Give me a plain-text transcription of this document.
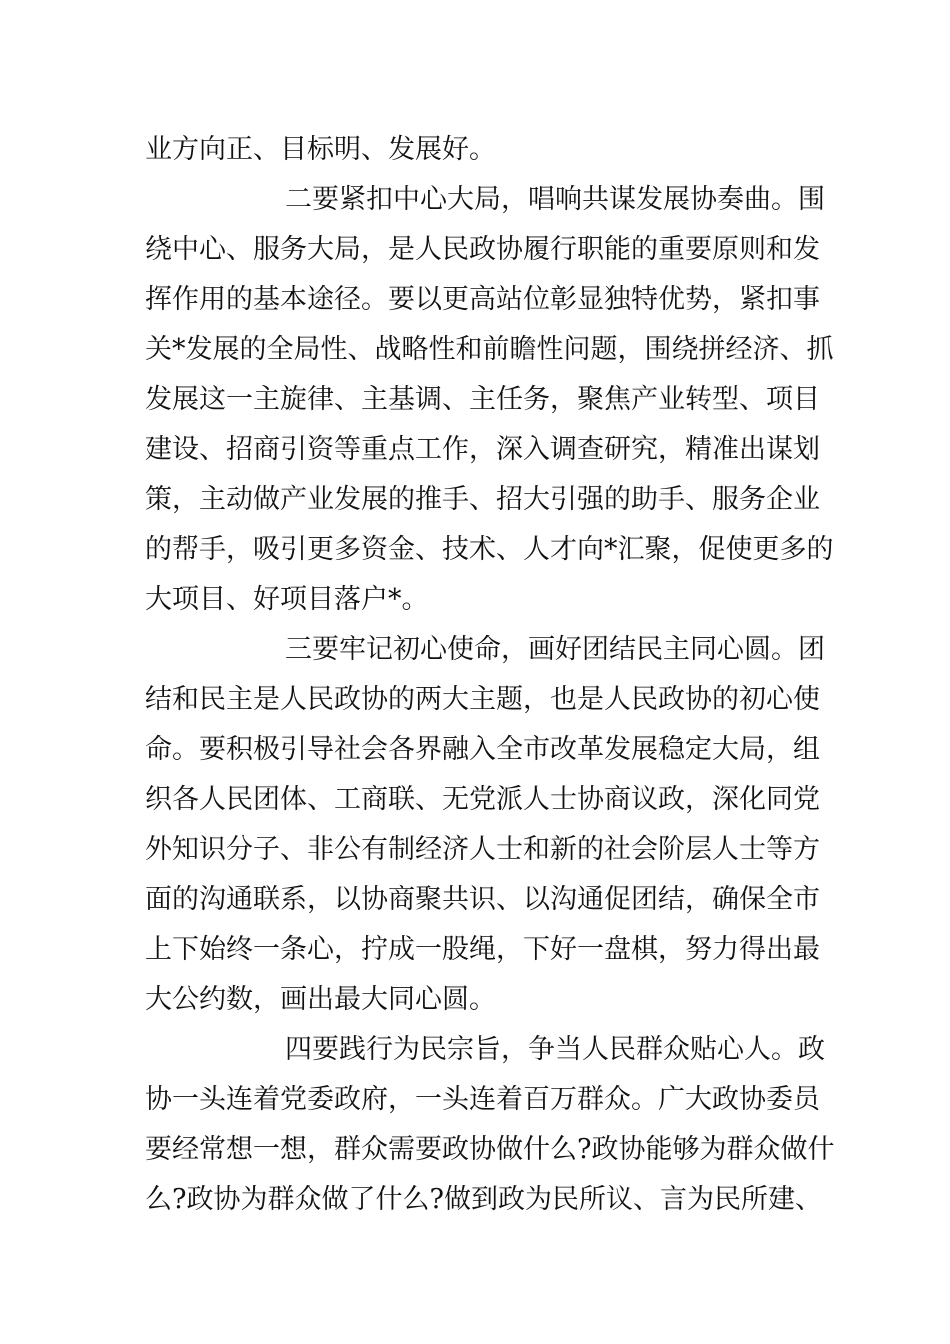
业方向正、目标明、发展好。
二要紧扣中心大局，唱响共谋发展协奏曲。围
绕中心、服务大局，是人民政协履行职能的重要原则和发
挥作用的基本途径。要以更高站位彰显独特优势，紧扣事
关*发展的全局性、战略性和前瞻性问题，围绕拼经济、抓
发展这一主旋律、主基调、主任务，聚焦产业转型、项目
建设、招商引资等重点工作，深入调查研究，精准出谋划
策，主动做产业发展的推手、招大引强的助手、服务企业
的帮手，吸引更多资金、技术、人才向*汇聚，促使更多的
大项目、好项目落户*。
三要牢记初心使命，画好团结民主同心圆。团
结和民主是人民政协的两大主题，也是人民政协的初心使
命。要积极引导社会各界融入全市改革发展稳定大局，组
织各人民团体、工商联、无党派人士协商议政，深化同党
外知识分子、非公有制经济人士和新的社会阶层人士等方
面的沟通联系，以协商聚共识、以沟通促团结，确保全市
上下始终一条心，拧成一股绳，下好一盘棋，努力得出最
大公约数，画出最大同心圆。
四要践行为民宗旨，争当人民群众贴心人。政
协一头连着党委政府，一头连着百万群众。广大政协委员
要经常想一想，群众需要政协做什么?政协能够为群众做什
么?政协为群众做了什么?做到政为民所议、言为民所建、
